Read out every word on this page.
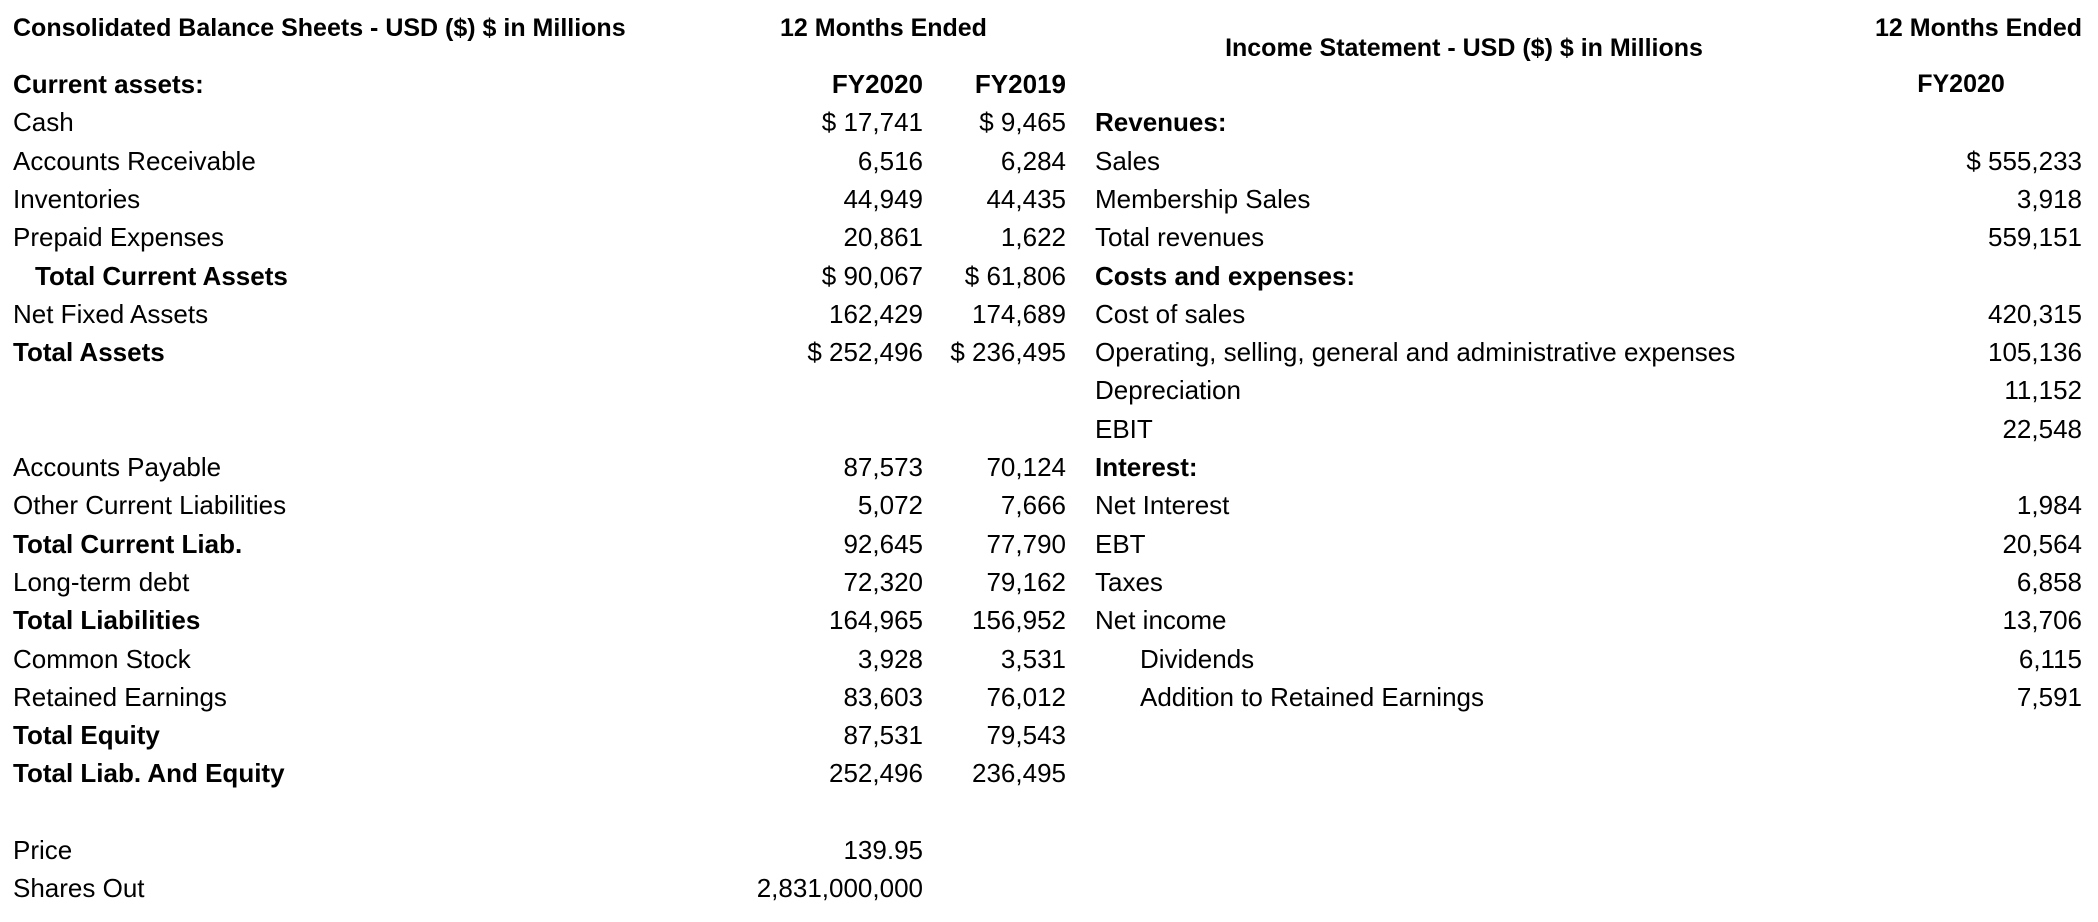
Consolidated Balance Sheets - USD ($) $ in Millions	12 Months Ended
Income Statement - USD ($) $ in Millions
12 Months Ended
FY2020
Current assets:	FY2020	FY2019
Cash	$ 17,741	$ 9,465
Accounts Receivable	6,516	6,284
Inventories	44,949	44,435
Prepaid Expenses	20,861	1,622
Total Current Assets	$ 90,067	$ 61,806
Net Fixed Assets	162,429	174,689
Total Assets	$ 252,496	$ 236,495
Accounts Payable	87,573	70,124
Other Current Liabilities	5,072	7,666
Total Current Liab.	92,645	77,790
Long-term debt	72,320	79,162
Total Liabilities	164,965	156,952
Common Stock	3,928	3,531
Retained Earnings	83,603	76,012
Total Equity	87,531	79,543
Total Liab. And Equity	252,496	236,495
Price	139.95
Shares Out	2,831,000,000
Revenues:
Sales	$ 555,233
Membership Sales	3,918
Total revenues	559,151
Costs and expenses:
Cost of sales	420,315
Operating, selling, general and administrative expenses	105,136
Depreciation	11,152
EBIT	22,548
Interest:
Net Interest	1,984
EBT	20,564
Taxes	6,858
Net income	13,706
Dividends	6,115
Addition to Retained Earnings	7,591
